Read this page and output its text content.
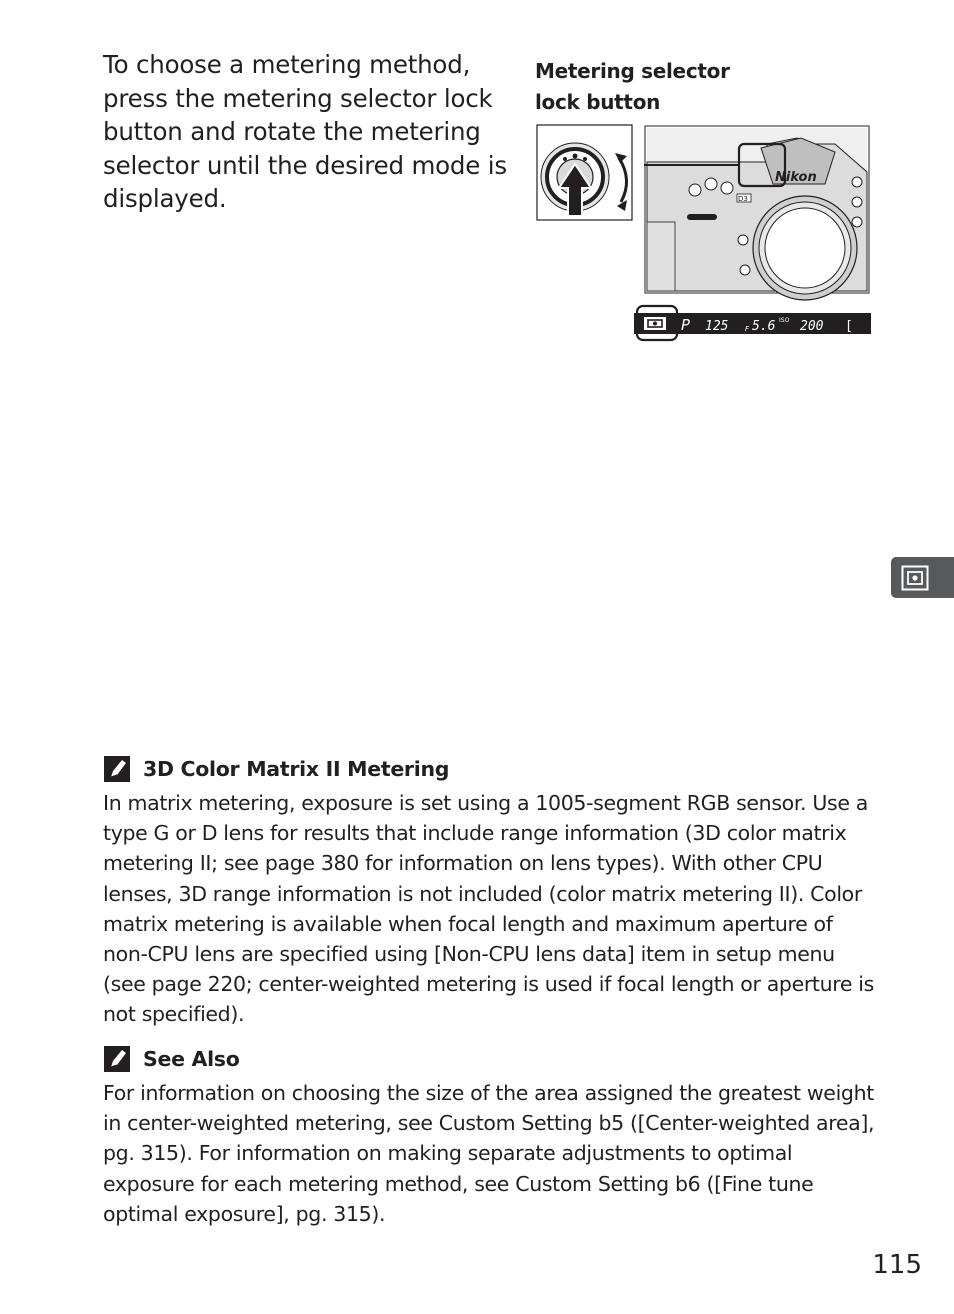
To choose a metering method, press the metering selector lock button and rotate the metering selector until the desired mode is displayed.

Metering selector
lock button

Nikon
D3
P 125 F 5.6 ISO 200 [
3D Color Matrix II Metering

In matrix metering, exposure is set using a 1005-segment RGB sensor. Use a type G or D lens for results that include range information (3D color matrix metering II; see page 380 for information on lens types). With other CPU lenses, 3D range information is not included (color matrix metering II). Color matrix metering is available when focal length and maximum aperture of non-CPU lens are specified using [Non-CPU lens data] item in setup menu (see page 220; center-weighted metering is used if focal length or aperture is not specified).

See Also

For information on choosing the size of the area assigned the greatest weight in center-weighted metering, see Custom Setting b5 ([Center-weighted area], pg. 315). For information on making separate adjustments to optimal exposure for each metering method, see Custom Setting b6 ([Fine tune optimal exposure], pg. 315).

115
